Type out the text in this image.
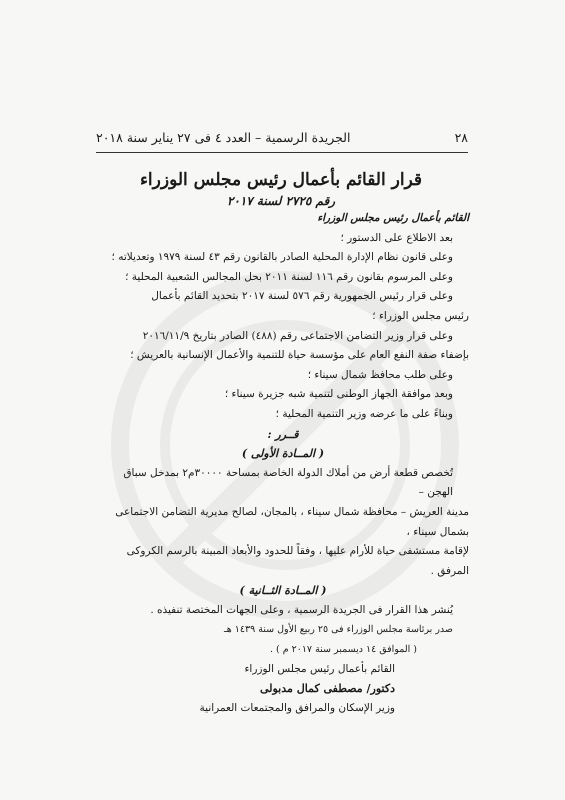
٢٨
الجريدة الرسمية – العدد ٤ فى ٢٧ يناير سنة ٢٠١٨
قرار القائم بأعمال رئيس مجلس الوزراء
رقم ٢٧٢٥ لسنة ٢٠١٧

القائم بأعمال رئيس مجلس الوزراء

بعد الاطلاع على الدستور ؛

وعلى قانون نظام الإدارة المحلية الصادر بالقانون رقم ٤٣ لسنة ١٩٧٩ وتعديلاته ؛

وعلى المرسوم بقانون رقم ١١٦ لسنة ٢٠١١ بحل المجالس الشعبية المحلية ؛

وعلى قرار رئيس الجمهورية رقم ٥٧٦ لسنة ٢٠١٧ بتحديد القائم بأعمال

رئيس مجلس الوزراء ؛

وعلى قرار وزير التضامن الاجتماعى رقم (٤٨٨) الصادر بتاريخ ٢٠١٦/١١/٩

بإضفاء صفة النفع العام على مؤسسة حياة للتنمية والأعمال الإنسانية بالعريش ؛

وعلى طلب محافظ شمال سيناء ؛

وبعد موافقة الجهاز الوطنى لتنمية شبه جزيرة سيناء ؛

وبناءً على ما عرضه وزير التنمية المحلية ؛

قــرر :

( المــادة الأولى )

تُخصص قطعة أرض من أملاك الدولة الخاصة بمساحة ٣٠٠٠٠م٢ بمدخل سباق الهجن –

مدينة العريش – محافظة شمال سيناء ، بالمجان، لصالح مديرية التضامن الاجتماعى بشمال سيناء ،

لإقامة مستشفى حياة للأرام عليها ، وفقاً للحدود والأبعاد المبينة بالرسم الكروكى المرفق .

( المــادة الثــانية )

يُنشر هذا القرار فى الجريدة الرسمية ، وعلى الجهات المختصة تنفيذه .

صدر برئاسة مجلس الوزراء فى ٢٥ ربيع الأول سنة ١٤٣٩ هـ

( الموافق ١٤ ديسمبر سنة ٢٠١٧ م ) .

القائم بأعمال رئيس مجلس الوزراء

دكتور/ مصطفى كمال مدبولى

وزير الإسكان والمرافق والمجتمعات العمرانية
